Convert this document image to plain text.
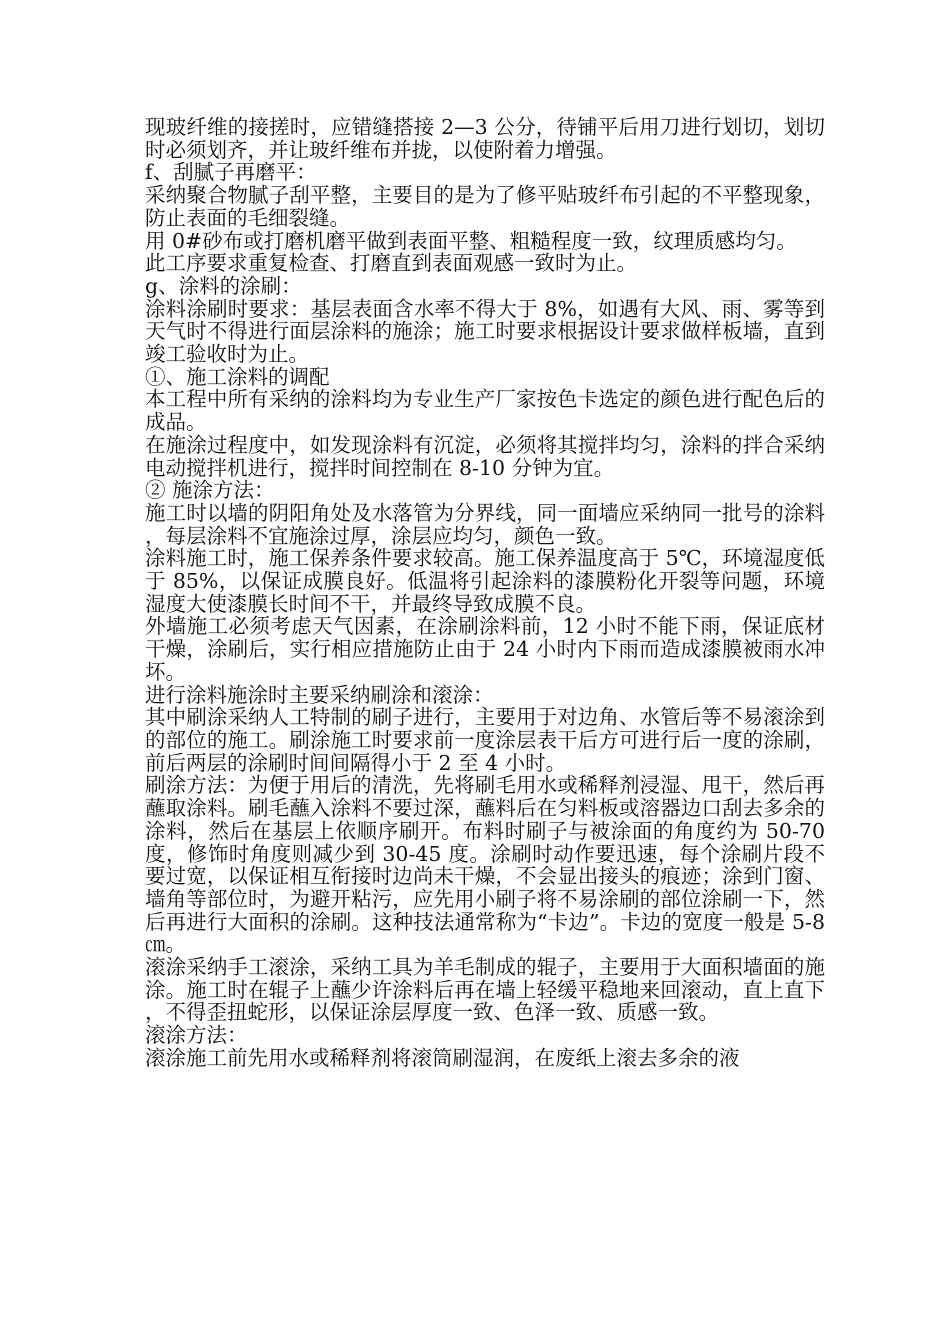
现玻纤维的接搓时，应错缝搭接 2—3 公分，待铺平后用刀进行划切，划切时必须划齐，并让玻纤维布并拢，以使附着力增强。

f、刮腻子再磨平：

采纳聚合物腻子刮平整，主要目的是为了修平贴玻纤布引起的不平整现象，防止表面的毛细裂缝。

用 0#砂布或打磨机磨平做到表面平整、粗糙程度一致，纹理质感均匀。

此工序要求重复检查、打磨直到表面观感一致时为止。

g、涂料的涂刷：

涂料涂刷时要求：基层表面含水率不得大于 8%，如遇有大风、雨、雾等到天气时不得进行面层涂料的施涂；施工时要求根据设计要求做样板墙，直到竣工验收时为止。

①、施工涂料的调配

本工程中所有采纳的涂料均为专业生产厂家按色卡选定的颜色进行配色后的成品。

在施涂过程度中，如发现涂料有沉淀，必须将其搅拌均匀，涂料的拌合采纳电动搅拌机进行，搅拌时间控制在 8-10 分钟为宜。

② 施涂方法：

施工时以墙的阴阳角处及水落管为分界线，同一面墙应采纳同一批号的涂料，每层涂料不宜施涂过厚，涂层应均匀，颜色一致。

涂料施工时，施工保养条件要求较高。施工保养温度高于 5℃，环境湿度低于 85%，以保证成膜良好。低温将引起涂料的漆膜粉化开裂等问题，环境湿度大使漆膜长时间不干，并最终导致成膜不良。

外墙施工必须考虑天气因素，在涂刷涂料前，12 小时不能下雨，保证底材干燥，涂刷后，实行相应措施防止由于 24 小时内下雨而造成漆膜被雨水冲坏。

进行涂料施涂时主要采纳刷涂和滚涂：

其中刷涂采纳人工特制的刷子进行，主要用于对边角、水管后等不易滚涂到的部位的施工。刷涂施工时要求前一度涂层表干后方可进行后一度的涂刷，前后两层的涂刷时间间隔得小于 2 至 4 小时。

刷涂方法：为便于用后的清洗，先将刷毛用水或稀释剂浸湿、甩干，然后再蘸取涂料。刷毛蘸入涂料不要过深，蘸料后在匀料板或溶器边口刮去多余的涂料，然后在基层上依顺序刷开。布料时刷子与被涂面的角度约为 50-70 度，修饰时角度则减少到 30-45 度。涂刷时动作要迅速，每个涂刷片段不要过宽，以保证相互衔接时边尚未干燥，不会显出接头的痕迹；涂到门窗、墙角等部位时，为避开粘污，应先用小刷子将不易涂刷的部位涂刷一下，然后再进行大面积的涂刷。这种技法通常称为“卡边”。卡边的宽度一般是 5-8㎝。

滚涂采纳手工滚涂，采纳工具为羊毛制成的辊子，主要用于大面积墙面的施涂。施工时在辊子上蘸少许涂料后再在墙上轻缓平稳地来回滚动，直上直下，不得歪扭蛇形，以保证涂层厚度一致、色泽一致、质感一致。

滚涂方法：

滚涂施工前先用水或稀释剂将滚筒刷湿润，在废纸上滚去多余的液
